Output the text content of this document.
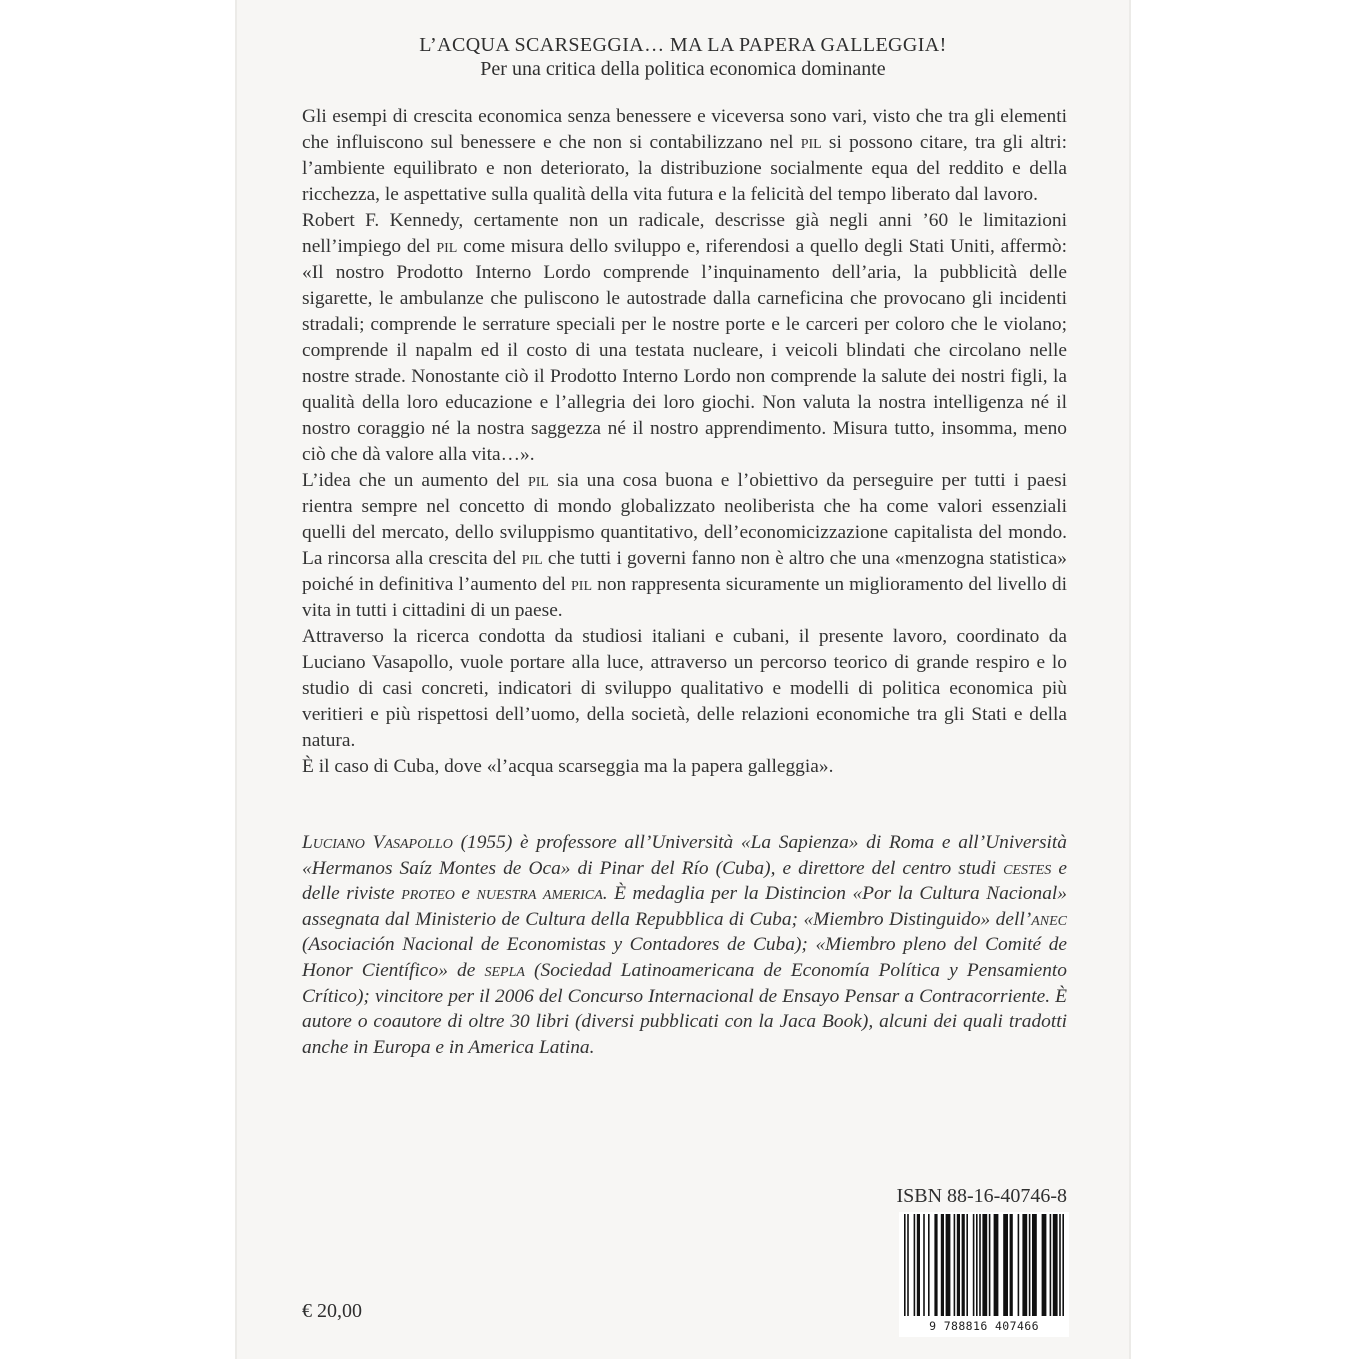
L’ACQUA SCARSEGGIA… MA LA PAPERA GALLEGGIA!
Per una critica della politica economica dominante

Gli esempi di crescita economica senza benessere e viceversa sono vari, visto che tra gli elementi che influiscono sul benessere e che non si contabilizzano nel pil si possono citare, tra gli altri: l’ambiente equilibrato e non deteriorato, la distribuzione socialmente equa del reddito e della ricchezza, le aspettative sulla qualità della vita futura e la felicità del tempo liberato dal lavoro.

Robert F. Kennedy, certamente non un radicale, descrisse già negli anni ’60 le limitazioni nell’impiego del pil come misura dello sviluppo e, riferendosi a quello degli Stati Uniti, affermò: «Il nostro Prodotto Interno Lordo comprende l’inquinamento dell’aria, la pubblicità delle sigarette, le ambulanze che puliscono le autostrade dalla carneficina che provocano gli incidenti stradali; comprende le serrature speciali per le nostre porte e le carceri per coloro che le violano; comprende il napalm ed il costo di una testata nucleare, i veicoli blindati che circolano nelle nostre strade. Nonostante ciò il Prodotto Interno Lordo non comprende la salute dei nostri figli, la qualità della loro educazione e l’allegria dei loro giochi. Non valuta la nostra intelligenza né il nostro coraggio né la nostra saggezza né il nostro apprendimento. Misura tutto, insomma, meno ciò che dà valore alla vita…».

L’idea che un aumento del pil sia una cosa buona e l’obiettivo da perseguire per tutti i paesi rientra sempre nel concetto di mondo globalizzato neoliberista che ha come valori essenziali quelli del mercato, dello sviluppismo quantitativo, dell’economicizzazione capitalista del mondo. La rincorsa alla crescita del pil che tutti i governi fanno non è altro che una «menzogna statistica» poiché in definitiva l’aumento del pil non rappresenta sicuramente un miglioramento del livello di vita in tutti i cittadini di un paese.

Attraverso la ricerca condotta da studiosi italiani e cubani, il presente lavoro, coordinato da Luciano Vasapollo, vuole portare alla luce, attraverso un percorso teorico di grande respiro e lo studio di casi concreti, indicatori di sviluppo qualitativo e modelli di politica economica più veritieri e più rispettosi dell’uomo, della società, delle relazioni economiche tra gli Stati e della natura.

È il caso di Cuba, dove «l’acqua scarseggia ma la papera galleggia».

Luciano Vasapollo (1955) è professore all’Università «La Sapienza» di Roma e all’Università «Hermanos Saíz Montes de Oca» di Pinar del Río (Cuba), e direttore del centro studi cestes e delle riviste proteo e nuestra america. È medaglia per la Distincion «Por la Cultura Nacional» assegnata dal Ministerio de Cultura della Repubblica di Cuba; «Miembro Distinguido» dell’anec (Asociación Nacional de Economistas y Contadores de Cuba); «Miembro pleno del Comité de Honor Científico» de sepla (Sociedad Latinoamericana de Economía Política y Pensamiento Crítico); vincitore per il 2006 del Concurso Internacional de Ensayo Pensar a Contracorriente. È autore o coautore di oltre 30 libri (diversi pubblicati con la Jaca Book), alcuni dei quali tradotti anche in Europa e in America Latina.

ISBN 88-16-40746-8
9 788816 407466
€ 20,00
